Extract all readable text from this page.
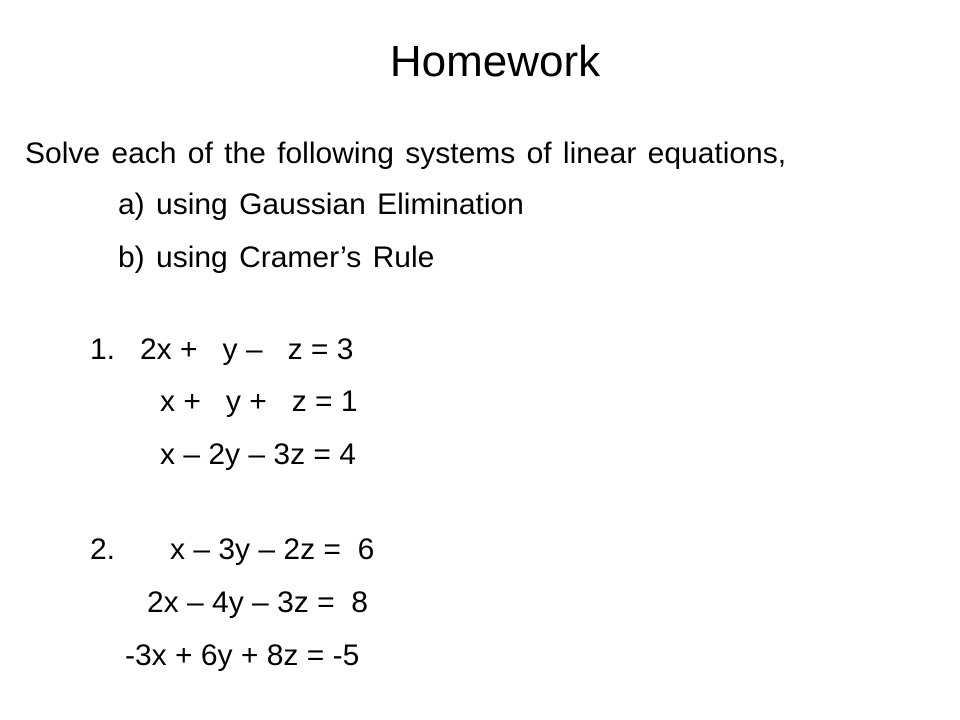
Homework
Solve each of the following systems of linear equations,
a) using Gaussian Elimination
b) using Cramer’s Rule
1. 2x +   y –   z = 3
x +   y +   z = 1
x – 2y – 3z = 4
2. x – 3y – 2z =  6
2x – 4y – 3z =  8
-3x + 6y + 8z = -5
